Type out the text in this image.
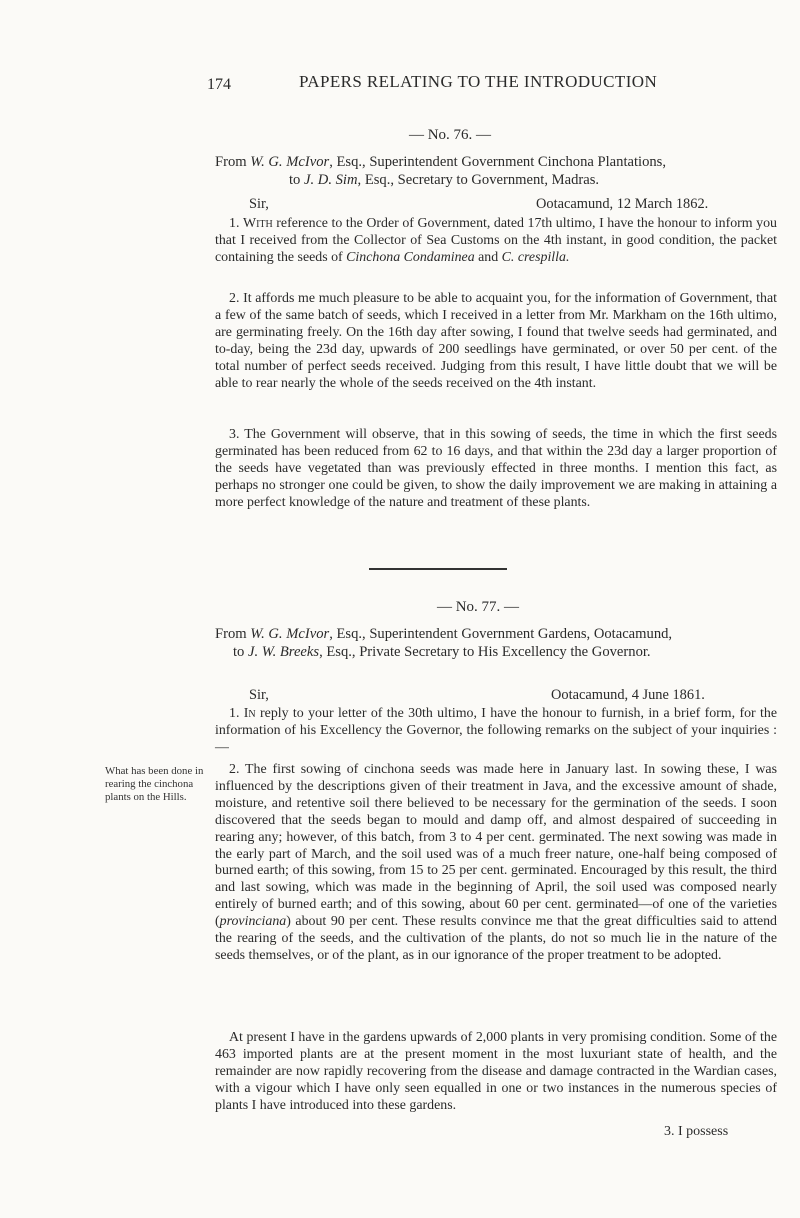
174	PAPERS RELATING TO THE INTRODUCTION
— No. 76. —
From W. G. McIvor, Esq., Superintendent Government Cinchona Plantations,
to J. D. Sim, Esq., Secretary to Government, Madras.
Sir,	Ootacamund, 12 March 1862.

1. With reference to the Order of Government, dated 17th ultimo, I have the honour to inform you that I received from the Collector of Sea Customs on the 4th instant, in good condition, the packet containing the seeds of Cinchona Condaminea and C. crespilla.

2. It affords me much pleasure to be able to acquaint you, for the information of Government, that a few of the same batch of seeds, which I received in a letter from Mr. Markham on the 16th ultimo, are germinating freely. On the 16th day after sowing, I found that twelve seeds had germinated, and to-day, being the 23d day, upwards of 200 seedlings have germinated, or over 50 per cent. of the total number of perfect seeds received. Judging from this result, I have little doubt that we will be able to rear nearly the whole of the seeds received on the 4th instant.

3. The Government will observe, that in this sowing of seeds, the time in which the first seeds germinated has been reduced from 62 to 16 days, and that within the 23d day a larger proportion of the seeds have vegetated than was previously effected in three months. I mention this fact, as perhaps no stronger one could be given, to show the daily improvement we are making in attaining a more perfect knowledge of the nature and treatment of these plants.

— No. 77. —
From W. G. McIvor, Esq., Superintendent Government Gardens, Ootacamund,
to J. W. Breeks, Esq., Private Secretary to His Excellency the Governor.
Sir,	Ootacamund, 4 June 1861.

1. In reply to your letter of the 30th ultimo, I have the honour to furnish, in a brief form, for the information of his Excellency the Governor, the following remarks on the subject of your inquiries :—

What has been done in rearing the cinchona plants on the Hills.

2. The first sowing of cinchona seeds was made here in January last. In sowing these, I was influenced by the descriptions given of their treatment in Java, and the excessive amount of shade, moisture, and retentive soil there believed to be necessary for the germination of the seeds. I soon discovered that the seeds began to mould and damp off, and almost despaired of succeeding in rearing any; however, of this batch, from 3 to 4 per cent. germinated. The next sowing was made in the early part of March, and the soil used was of a much freer nature, one-half being composed of burned earth; of this sowing, from 15 to 25 per cent. germinated. Encouraged by this result, the third and last sowing, which was made in the beginning of April, the soil used was composed nearly entirely of burned earth; and of this sowing, about 60 per cent. germinated—of one of the varieties (provinciana) about 90 per cent. These results convince me that the great difficulties said to attend the rearing of the seeds, and the cultivation of the plants, do not so much lie in the nature of the seeds themselves, or of the plant, as in our ignorance of the proper treatment to be adopted.

At present I have in the gardens upwards of 2,000 plants in very promising condition. Some of the 463 imported plants are at the present moment in the most luxuriant state of health, and the remainder are now rapidly recovering from the disease and damage contracted in the Wardian cases, with a vigour which I have only seen equalled in one or two instances in the numerous species of plants I have introduced into these gardens.

3. I possess
